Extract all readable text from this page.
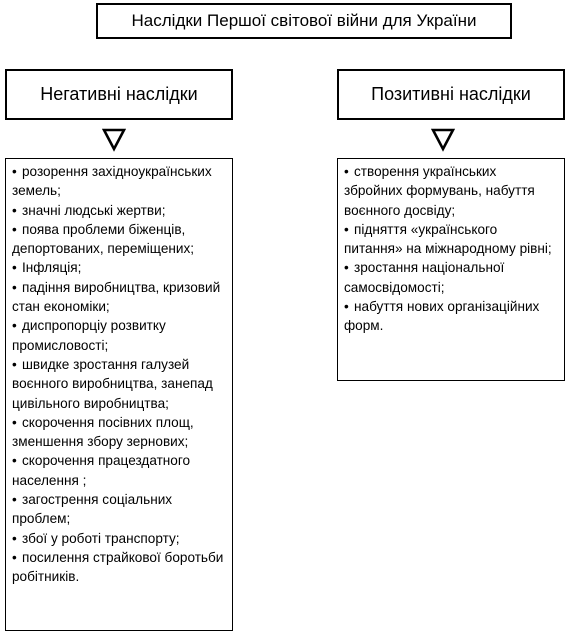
Наслідки Першої світової війни для України
Негативні наслідки	Позитивні наслідки
• розорення західноукраїнських земель;
• значні людські жертви;
• поява проблеми біженців, депортованих, переміщених;
• Інфляція;
• падіння виробництва, кризовий стан економіки;
• диспропорціу розвитку промисловості;
• швидке зростання галузей воєнного виробництва, занепад цивільного виробництва;
• скорочення посівних площ, зменшення збору зернових;
• скорочення працездатного населення ;
• загострення соціальних проблем;
• збої у роботі транспорту;
• посилення страйкової боротьби робітників.
• створення українських збройних формувань, набуття воєнного досвіду;
• підняття «українського питання» на міжнародному рівні;
• зростання національної самосвідомості;
• набуття нових організаційних форм.
